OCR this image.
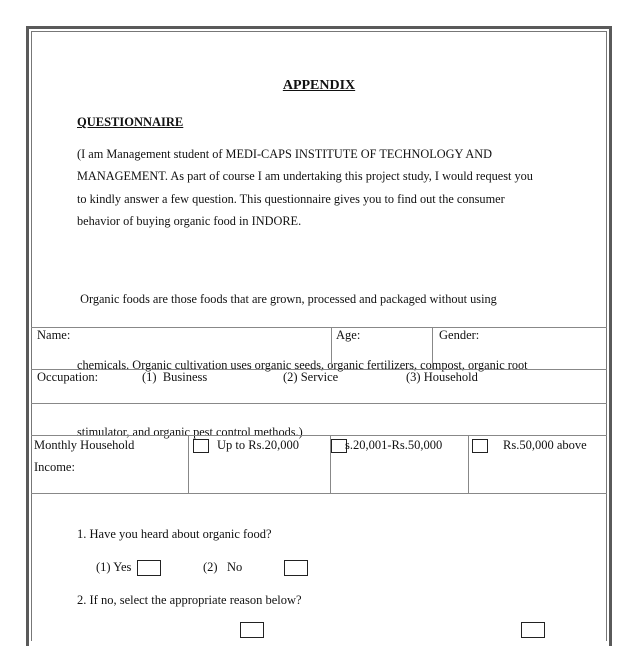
APPENDIX
QUESTIONNAIRE
(I am Management student of MEDI-CAPS INSTITUTE OF TECHNOLOGY AND
MANAGEMENT. As part of course I am undertaking this project study, I would request you
to kindly answer a few question. This questionnaire gives you to find out the consumer
behavior of buying organic food in INDORE.

Organic foods are those foods that are grown, processed and packaged without using

chemicals. Organic cultivation uses organic seeds, organic fertilizers, compost, organic root

stimulator, and organic pest control methods.)

Name:	Age:	Gender:
Occupation:	(1)  Business	(2) Service	(3) Household
Monthly Household
Income:
Up to Rs.20,000	s.20,001-Rs.50,000	Rs.50,000 above
1. Have you heard about organic food?
(1) Yes	(2)   No
2. If no, select the appropriate reason below?
